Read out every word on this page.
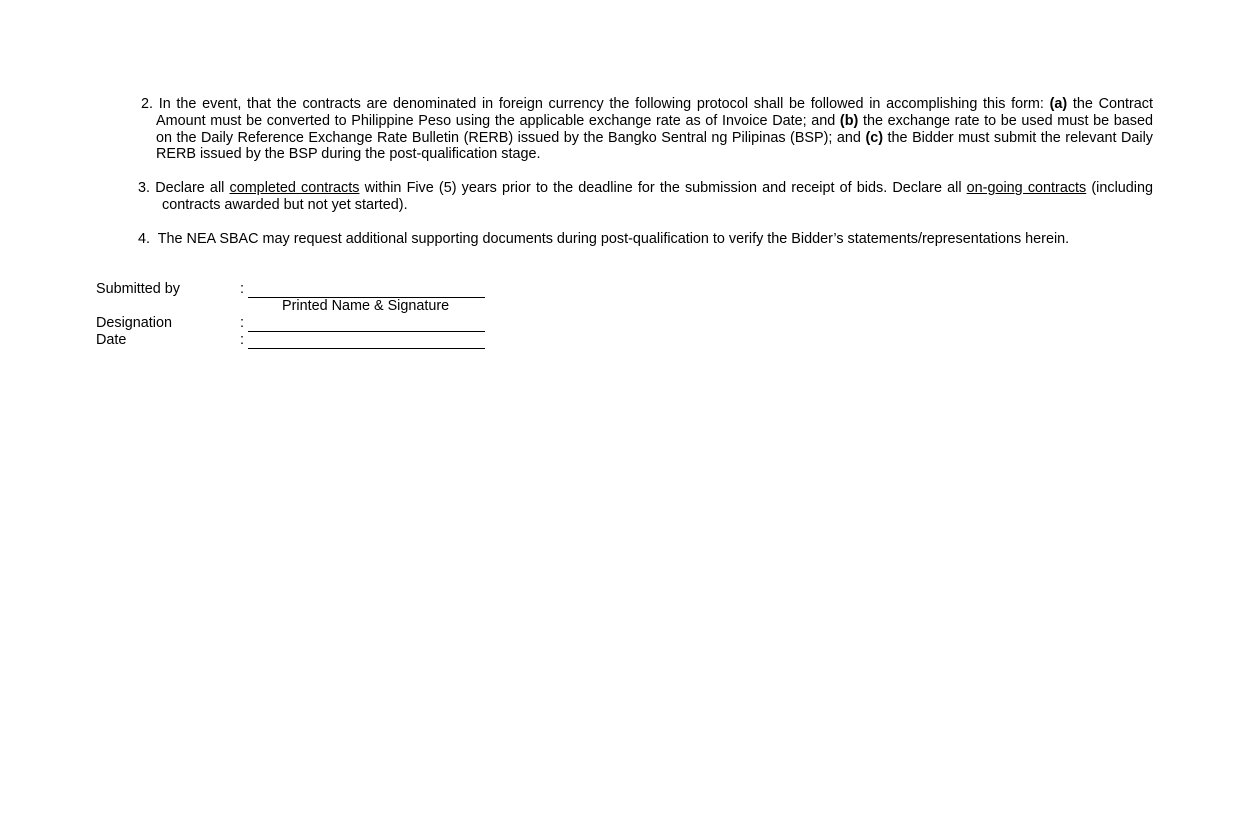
2. In the event, that the contracts are denominated in foreign currency the following protocol shall be followed in accomplishing this form: (a) the Contract
Amount must be converted to Philippine Peso using the applicable exchange rate as of Invoice Date; and (b) the exchange rate to be used must be based
on the Daily Reference Exchange Rate Bulletin (RERB) issued by the Bangko Sentral ng Pilipinas (BSP); and (c) the Bidder must submit the relevant Daily
RERB issued by the BSP during the post-qualification stage.
3. Declare all completed contracts within Five (5) years prior to the deadline for the submission and receipt of bids. Declare all on-going contracts (including
contracts awarded but not yet started).
4. The NEA SBAC may request additional supporting documents during post-qualification to verify the Bidder’s statements/representations herein.
Submitted by	:
Printed Name & Signature
Designation	:
Date	:
